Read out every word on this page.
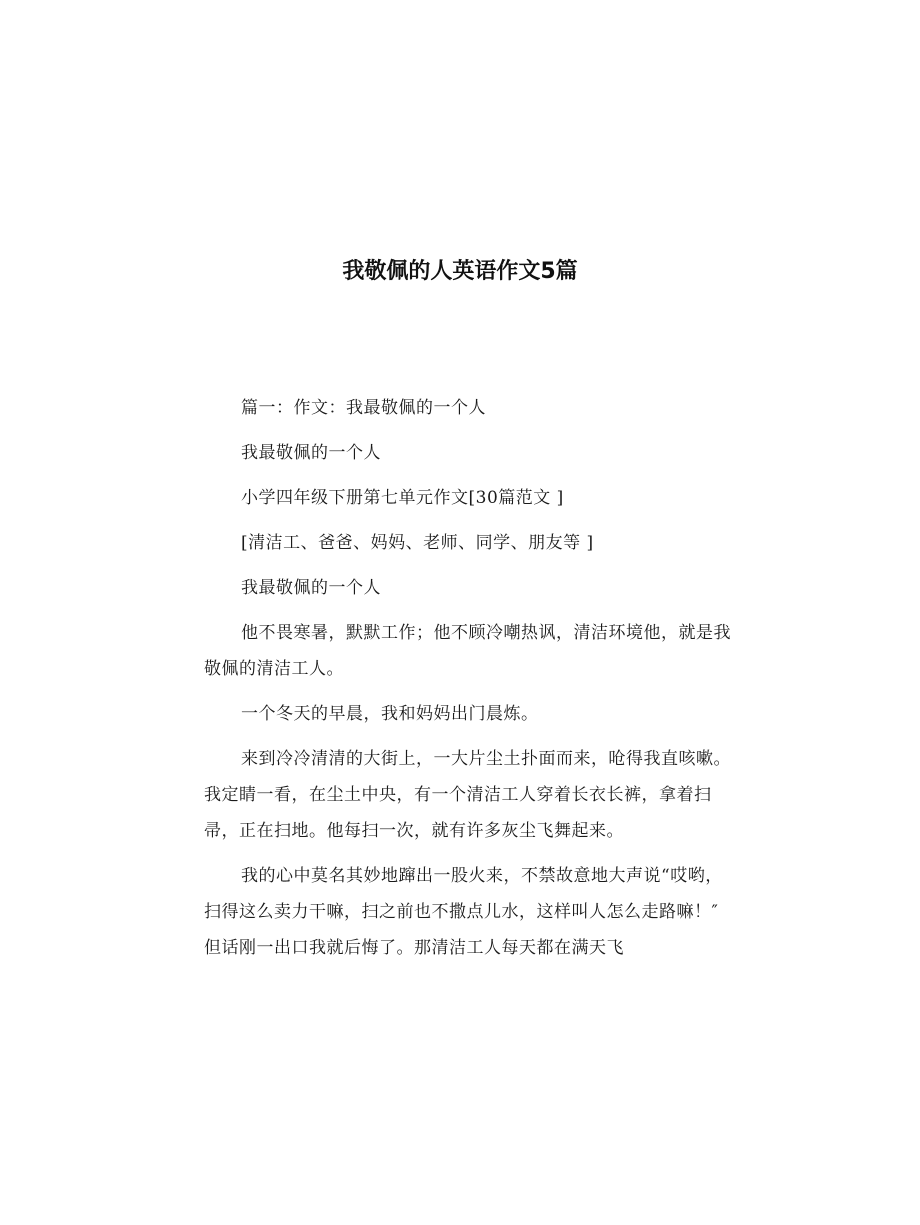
我敬佩的人英语作文5篇

篇一：作文：我最敬佩的一个人

我最敬佩的一个人

小学四年级下册第七单元作文[30篇范文 ]

[清洁工、爸爸、妈妈、老师、同学、朋友等 ]

我最敬佩的一个人

他不畏寒暑，默默工作；他不顾冷嘲热讽，清洁环境他，就是我敬佩的清洁工人。

一个冬天的早晨，我和妈妈出门晨炼。

来到冷冷清清的大街上，一大片尘土扑面而来，呛得我直咳嗽。我定睛一看，在尘土中央，有一个清洁工人穿着长衣长裤，拿着扫帚，正在扫地。他每扫一次，就有许多灰尘飞舞起来。

我的心中莫名其妙地蹿出一股火来，不禁故意地大声说“哎哟，扫得这么卖力干嘛，扫之前也不撒点儿水，这样叫人怎么走路嘛！″ 但话刚一出口我就后悔了。那清洁工人每天都在满天飞
